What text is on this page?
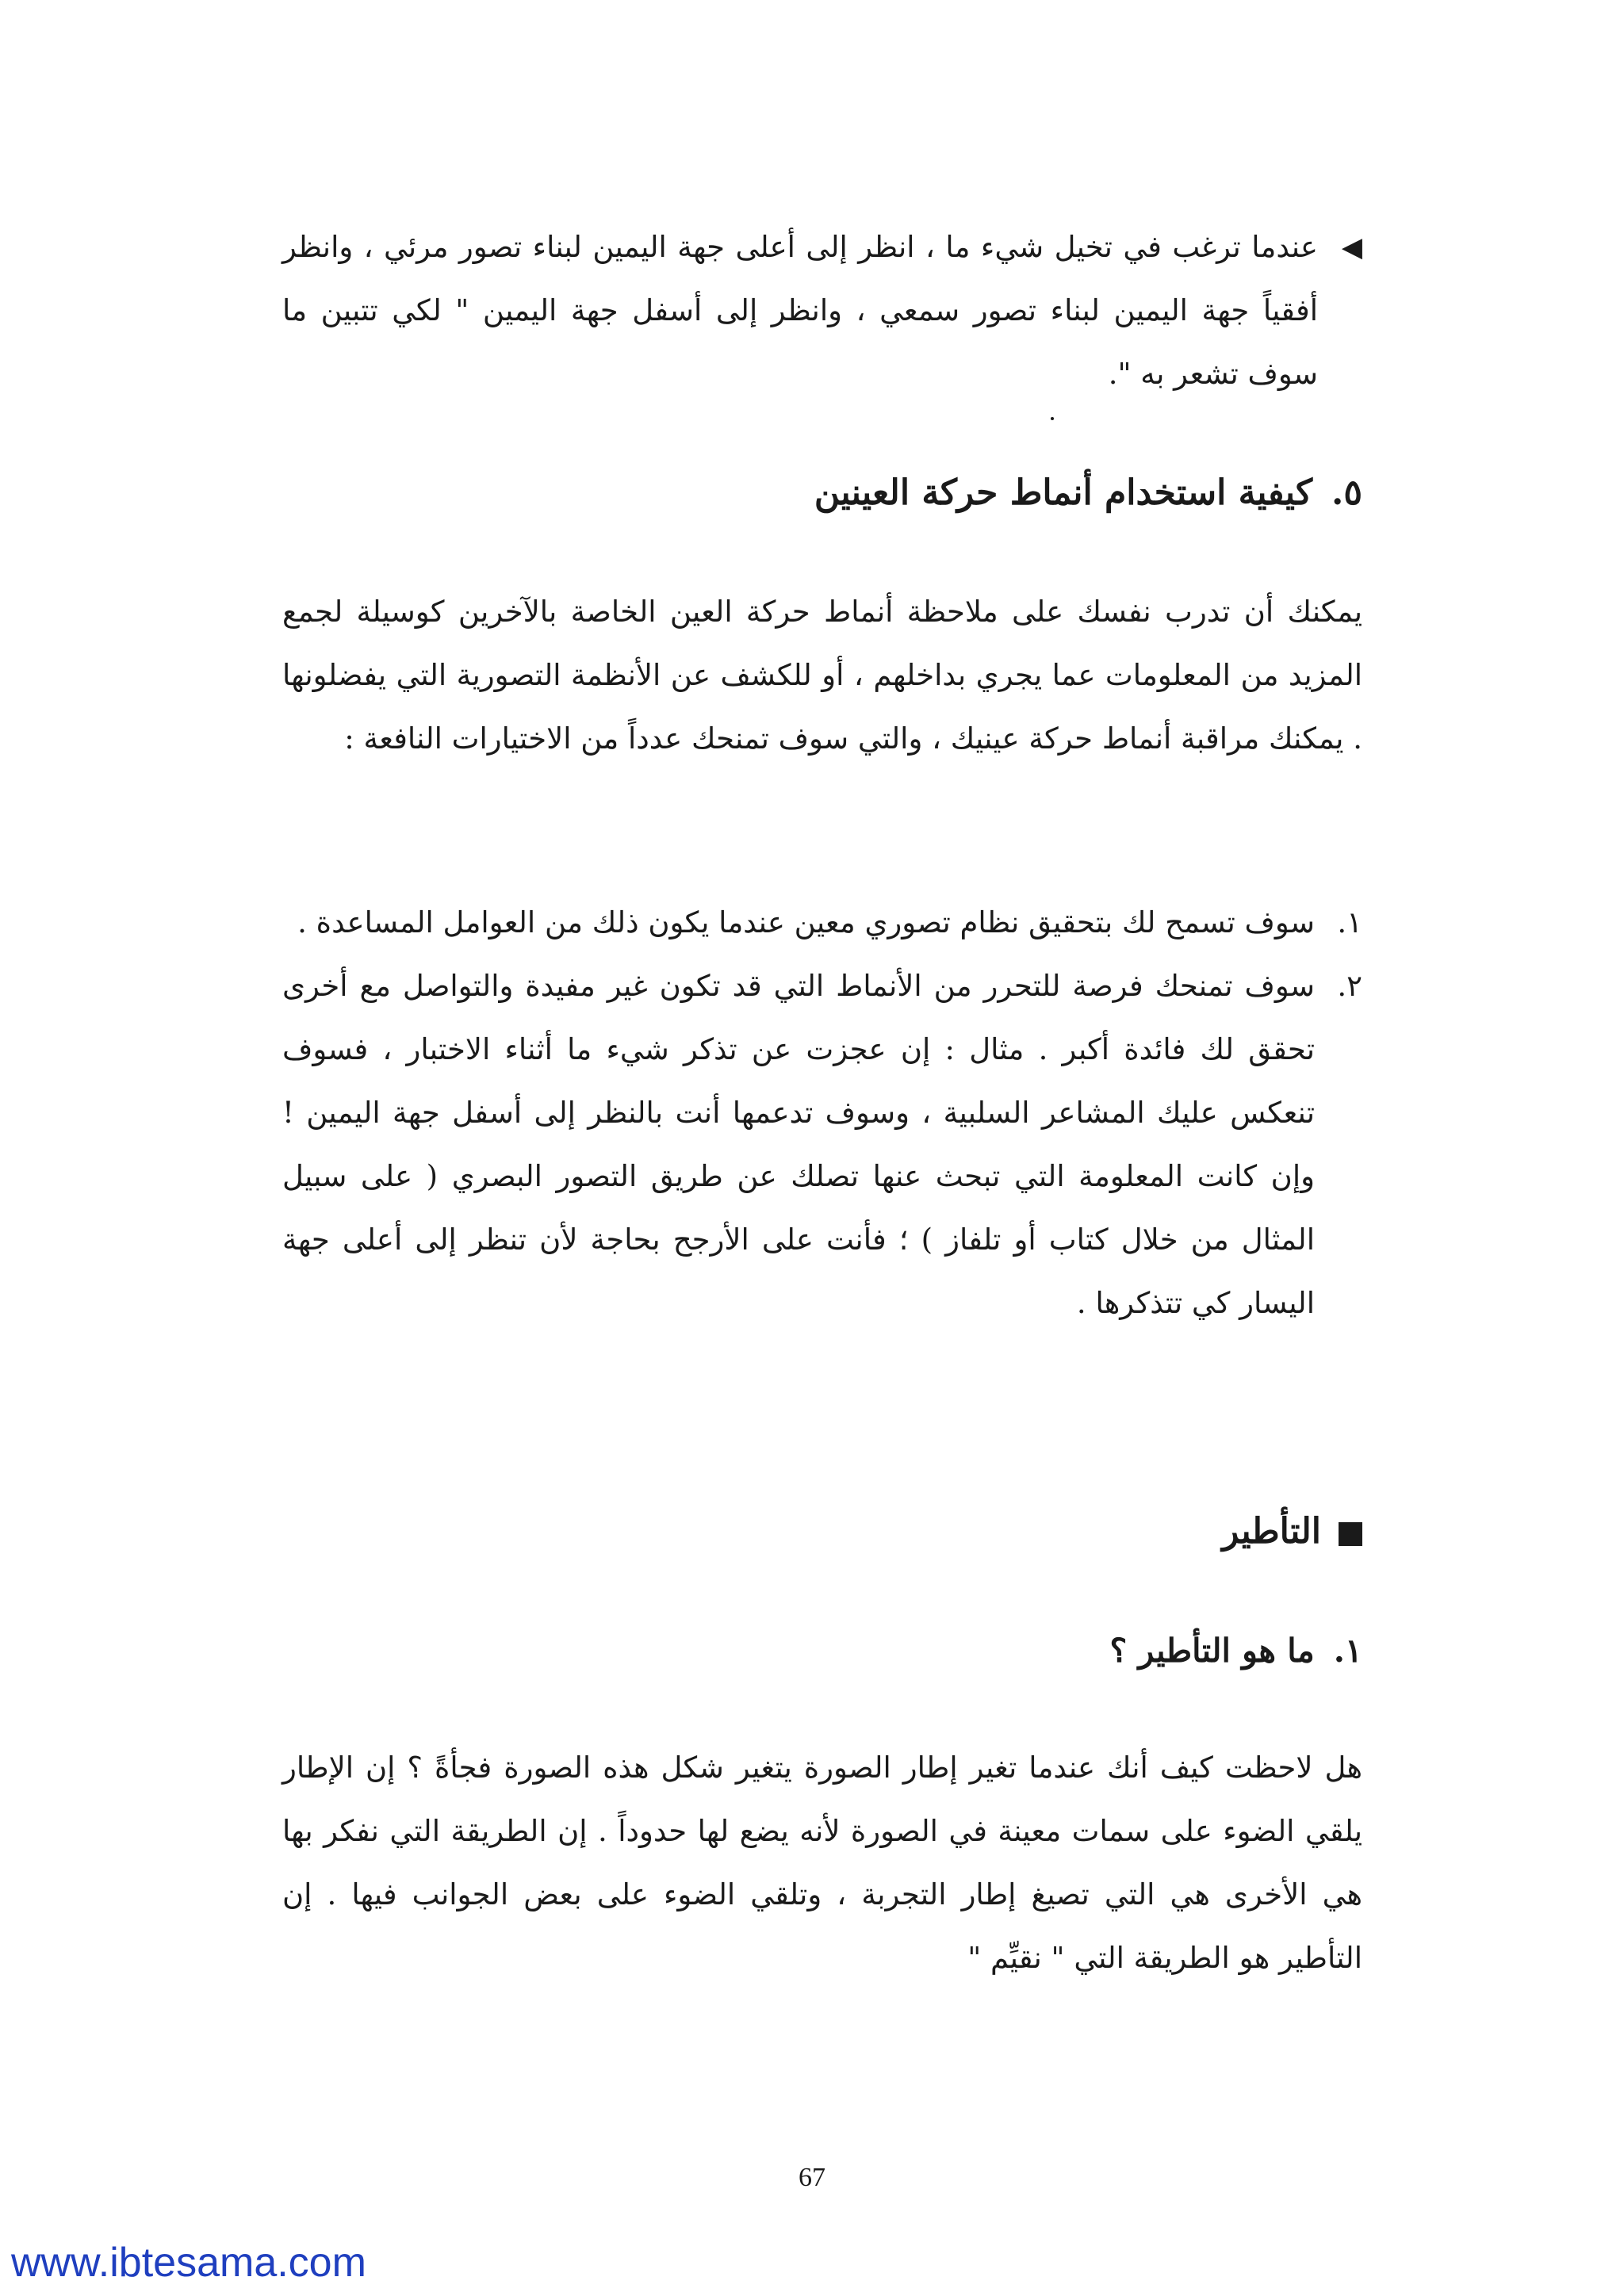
◀
عندما ترغب في تخيل شيء ما ، انظر إلى أعلى جهة اليمين لبناء تصور مرئي ، وانظر أفقياً جهة اليمين لبناء تصور سمعي ، وانظر إلى أسفل جهة اليمين " لكي تتبين ما سوف تشعر به ".
٥.كيفية استخدام أنماط حركة العينين
يمكنك أن تدرب نفسك على ملاحظة أنماط حركة العين الخاصة بالآخرين كوسيلة لجمع المزيد من المعلومات عما يجري بداخلهم ، أو للكشف عن الأنظمة التصورية التي يفضلونها . يمكنك مراقبة أنماط حركة عينيك ، والتي سوف تمنحك عدداً من الاختيارات النافعة :
١.
سوف تسمح لك بتحقيق نظام تصوري معين عندما يكون ذلك من العوامل المساعدة .
٢.
سوف تمنحك فرصة للتحرر من الأنماط التي قد تكون غير مفيدة والتواصل مع أخرى تحقق لك فائدة أكبر . مثال : إن عجزت عن تذكر شيء ما أثناء الاختبار ، فسوف تنعكس عليك المشاعر السلبية ، وسوف تدعمها أنت بالنظر إلى أسفل جهة اليمين ! وإن كانت المعلومة التي تبحث عنها تصلك عن طريق التصور البصري ( على سبيل المثال من خلال كتاب أو تلفاز ) ؛ فأنت على الأرجح بحاجة لأن تنظر إلى أعلى جهة اليسار كي تتذكرها .
التأطير
١.ما هو التأطير ؟
هل لاحظت كيف أنك عندما تغير إطار الصورة يتغير شكل هذه الصورة فجأةً ؟ إن الإطار يلقي الضوء على سمات معينة في الصورة لأنه يضع لها حدوداً . إن الطريقة التي نفكر بها هي الأخرى هي التي تصيغ إطار التجربة ، وتلقي الضوء على بعض الجوانب فيها . إن التأطير هو الطريقة التي " نقيِّم "
67
www.ibtesama.com
